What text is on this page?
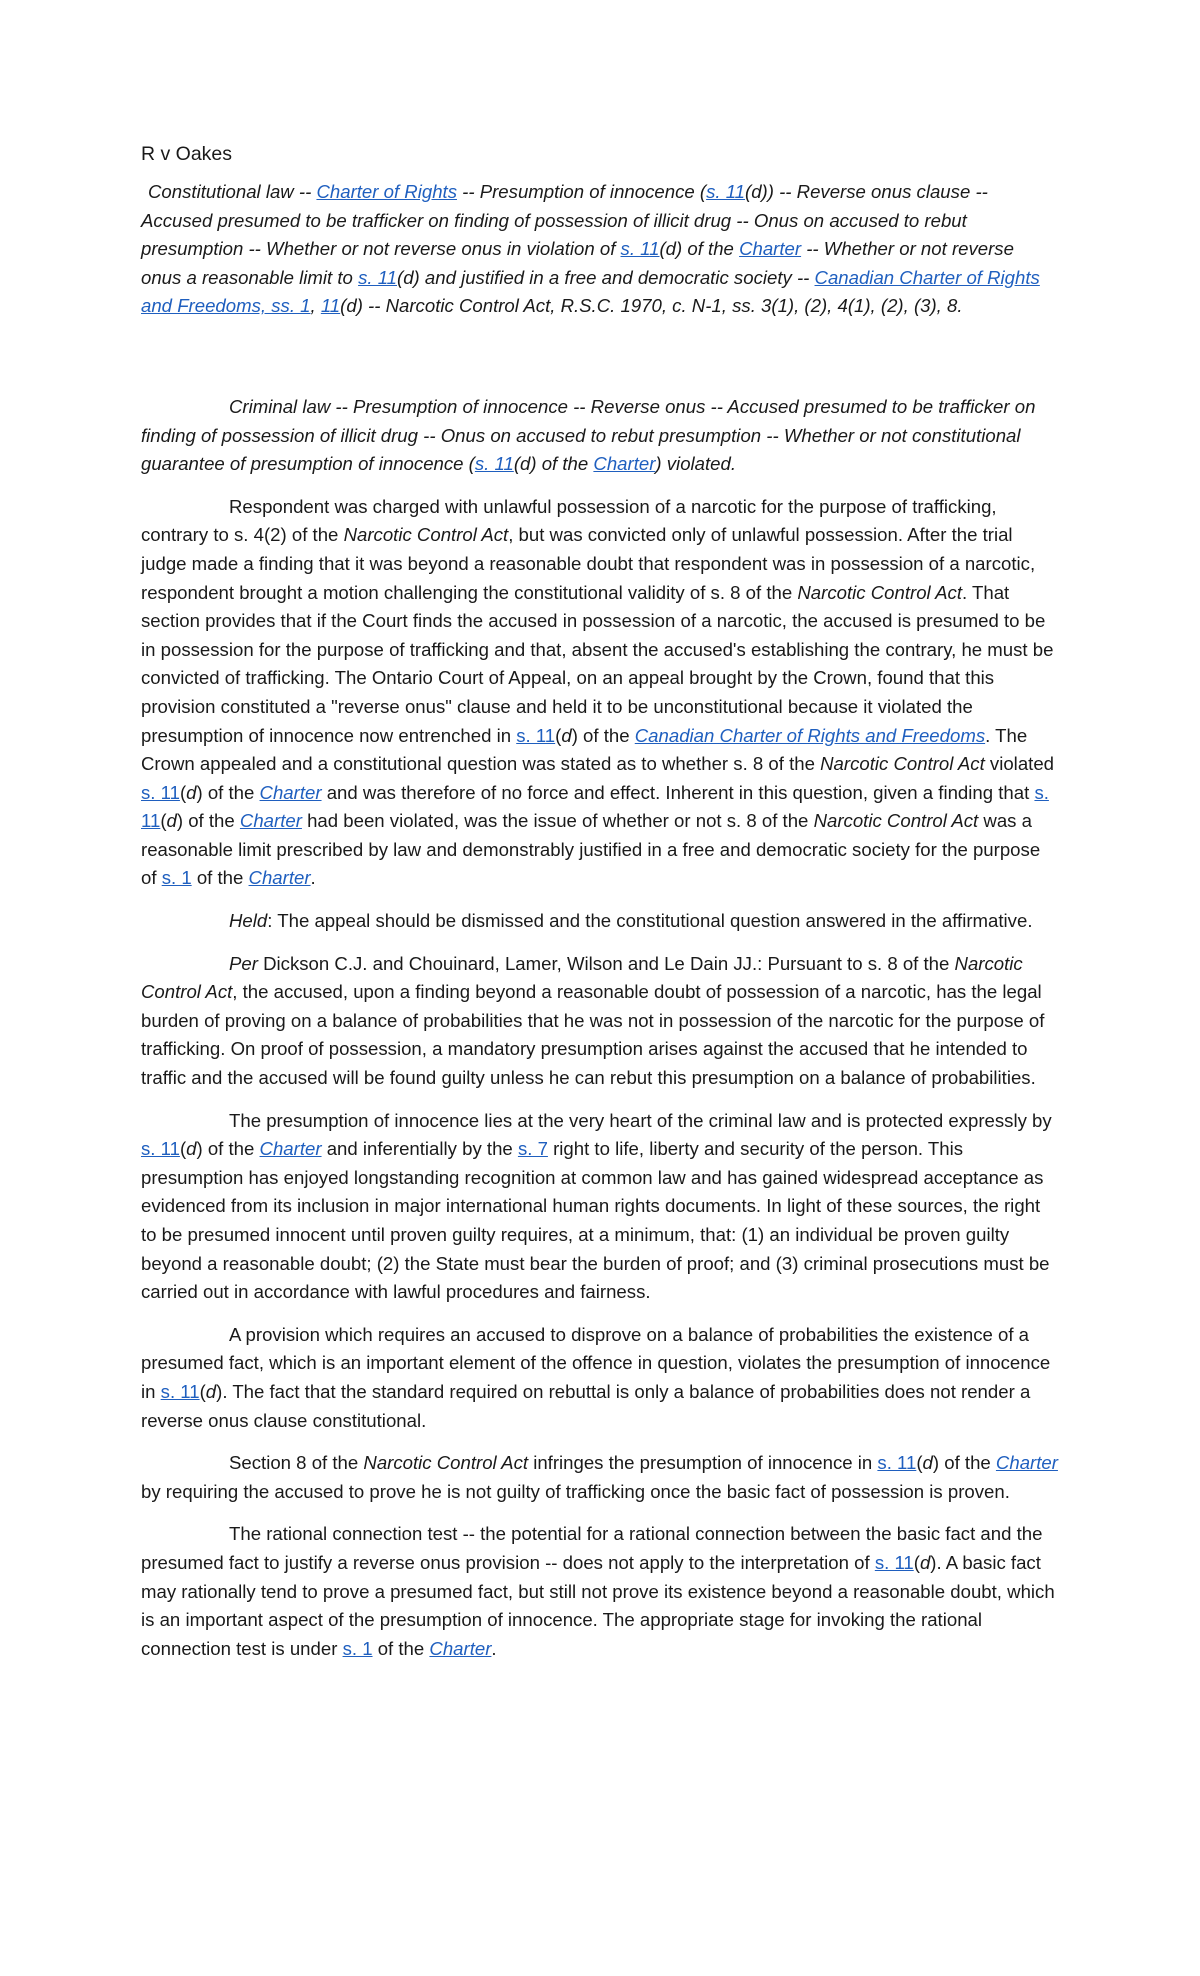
R v Oakes

Constitutional law -- Charter of Rights -- Presumption of innocence (s. 11(d)) -- Reverse onus clause -- Accused presumed to be trafficker on finding of possession of illicit drug -- Onus on accused to rebut presumption -- Whether or not reverse onus in violation of s. 11(d) of the Charter -- Whether or not reverse onus a reasonable limit to s. 11(d) and justified in a free and democratic society -- Canadian Charter of Rights and Freedoms, ss. 1, 11(d) -- Narcotic Control Act, R.S.C. 1970, c. N-1, ss. 3(1), (2), 4(1), (2), (3), 8.

Criminal law -- Presumption of innocence -- Reverse onus -- Accused presumed to be trafficker on finding of possession of illicit drug -- Onus on accused to rebut presumption -- Whether or not constitutional guarantee of presumption of innocence (s. 11(d) of the Charter) violated.

Respondent was charged with unlawful possession of a narcotic for the purpose of trafficking, contrary to s. 4(2) of the Narcotic Control Act, but was convicted only of unlawful possession. After the trial judge made a finding that it was beyond a reasonable doubt that respondent was in possession of a narcotic, respondent brought a motion challenging the constitutional validity of s. 8 of the Narcotic Control Act. That section provides that if the Court finds the accused in possession of a narcotic, the accused is presumed to be in possession for the purpose of trafficking and that, absent the accused's establishing the contrary, he must be convicted of trafficking. The Ontario Court of Appeal, on an appeal brought by the Crown, found that this provision constituted a "reverse onus" clause and held it to be unconstitutional because it violated the presumption of innocence now entrenched in s. 11(d) of the Canadian Charter of Rights and Freedoms. The Crown appealed and a constitutional question was stated as to whether s. 8 of the Narcotic Control Act violated s. 11(d) of the Charter and was therefore of no force and effect. Inherent in this question, given a finding that s. 11(d) of the Charter had been violated, was the issue of whether or not s. 8 of the Narcotic Control Act was a reasonable limit prescribed by law and demonstrably justified in a free and democratic society for the purpose of s. 1 of the Charter.

Held: The appeal should be dismissed and the constitutional question answered in the affirmative.

Per Dickson C.J. and Chouinard, Lamer, Wilson and Le Dain JJ.: Pursuant to s. 8 of the Narcotic Control Act, the accused, upon a finding beyond a reasonable doubt of possession of a narcotic, has the legal burden of proving on a balance of probabilities that he was not in possession of the narcotic for the purpose of trafficking. On proof of possession, a mandatory presumption arises against the accused that he intended to traffic and the accused will be found guilty unless he can rebut this presumption on a balance of probabilities.

The presumption of innocence lies at the very heart of the criminal law and is protected expressly by s. 11(d) of the Charter and inferentially by the s. 7 right to life, liberty and security of the person. This presumption has enjoyed longstanding recognition at common law and has gained widespread acceptance as evidenced from its inclusion in major international human rights documents. In light of these sources, the right to be presumed innocent until proven guilty requires, at a minimum, that: (1) an individual be proven guilty beyond a reasonable doubt; (2) the State must bear the burden of proof; and (3) criminal prosecutions must be carried out in accordance with lawful procedures and fairness.

A provision which requires an accused to disprove on a balance of probabilities the existence of a presumed fact, which is an important element of the offence in question, violates the presumption of innocence in s. 11(d). The fact that the standard required on rebuttal is only a balance of probabilities does not render a reverse onus clause constitutional.

Section 8 of the Narcotic Control Act infringes the presumption of innocence in s. 11(d) of the Charter by requiring the accused to prove he is not guilty of trafficking once the basic fact of possession is proven.

The rational connection test -- the potential for a rational connection between the basic fact and the presumed fact to justify a reverse onus provision -- does not apply to the interpretation of s. 11(d). A basic fact may rationally tend to prove a presumed fact, but still not prove its existence beyond a reasonable doubt, which is an important aspect of the presumption of innocence. The appropriate stage for invoking the rational connection test is under s. 1 of the Charter.
